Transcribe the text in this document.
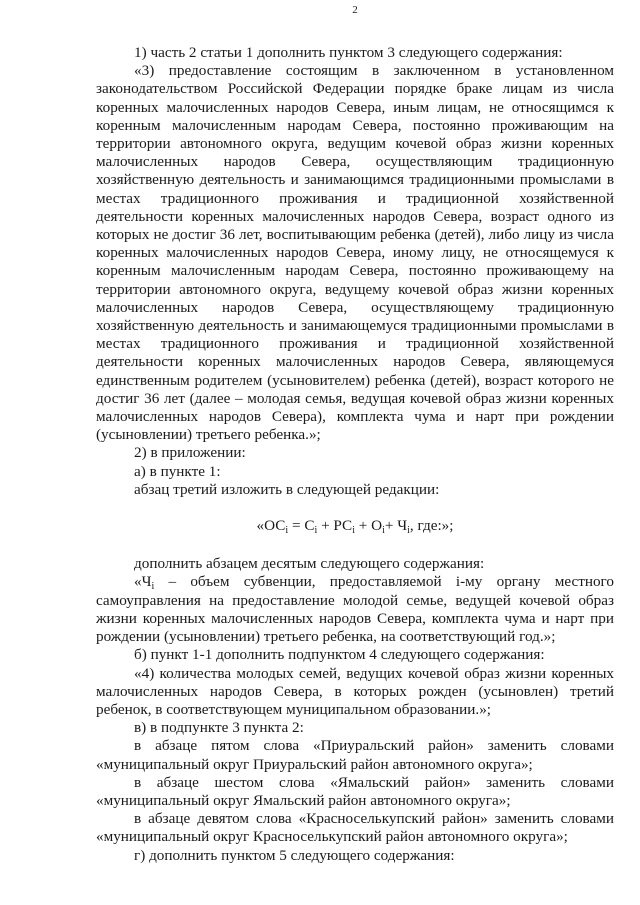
2

1) часть 2 статьи 1 дополнить пунктом 3 следующего содержания:

«3) предоставление состоящим в заключенном в установленном законодательством Российской Федерации порядке браке лицам из числа коренных малочисленных народов Севера, иным лицам, не относящимся к коренным малочисленным народам Севера, постоянно проживающим на территории автономного округа, ведущим кочевой образ жизни коренных малочисленных народов Севера, осуществляющим традиционную хозяйственную деятельность и занимающимся традиционными промыслами в местах традиционного проживания и традиционной хозяйственной деятельности коренных малочисленных народов Севера, возраст одного из которых не достиг 36 лет, воспитывающим ребенка (детей), либо лицу из числа коренных малочисленных народов Севера, иному лицу, не относящемуся к коренным малочисленным народам Севера, постоянно проживающему на территории автономного округа, ведущему кочевой образ жизни коренных малочисленных народов Севера, осуществляющему традиционную хозяйственную деятельность и занимающемуся традиционными промыслами в местах традиционного проживания и традиционной хозяйственной деятельности коренных малочисленных народов Севера, являющемуся единственным родителем (усыновителем) ребенка (детей), возраст которого не достиг 36 лет (далее – молодая семья, ведущая кочевой образ жизни коренных малочисленных народов Севера), комплекта чума и нарт при рождении (усыновлении) третьего ребенка.»;

2) в приложении:

а) в пункте 1:

абзац третий изложить в следующей редакции:

«$ОС_i = С_i + РС_i + О_i+ Ч_i$, где:»;

дополнить абзацем десятым следующего содержания:

«$Ч_i$ – объем субвенции, предоставляемой i-му органу местного самоуправления на предоставление молодой семье, ведущей кочевой образ жизни коренных малочисленных народов Севера, комплекта чума и нарт при рождении (усыновлении) третьего ребенка, на соответствующий год.»;

б) пункт 1-1 дополнить подпунктом 4 следующего содержания:

«4) количества молодых семей, ведущих кочевой образ жизни коренных малочисленных народов Севера, в которых рожден (усыновлен) третий ребенок, в соответствующем муниципальном образовании.»;

в) в подпункте 3 пункта 2:

в абзаце пятом слова «Приуральский район» заменить словами «муниципальный округ Приуральский район автономного округа»;

в абзаце шестом слова «Ямальский район» заменить словами «муниципальный округ Ямальский район автономного округа»;

в абзаце девятом слова «Красноселькупский район» заменить словами «муниципальный округ Красноселькупский район автономного округа»;

г) дополнить пунктом 5 следующего содержания:
